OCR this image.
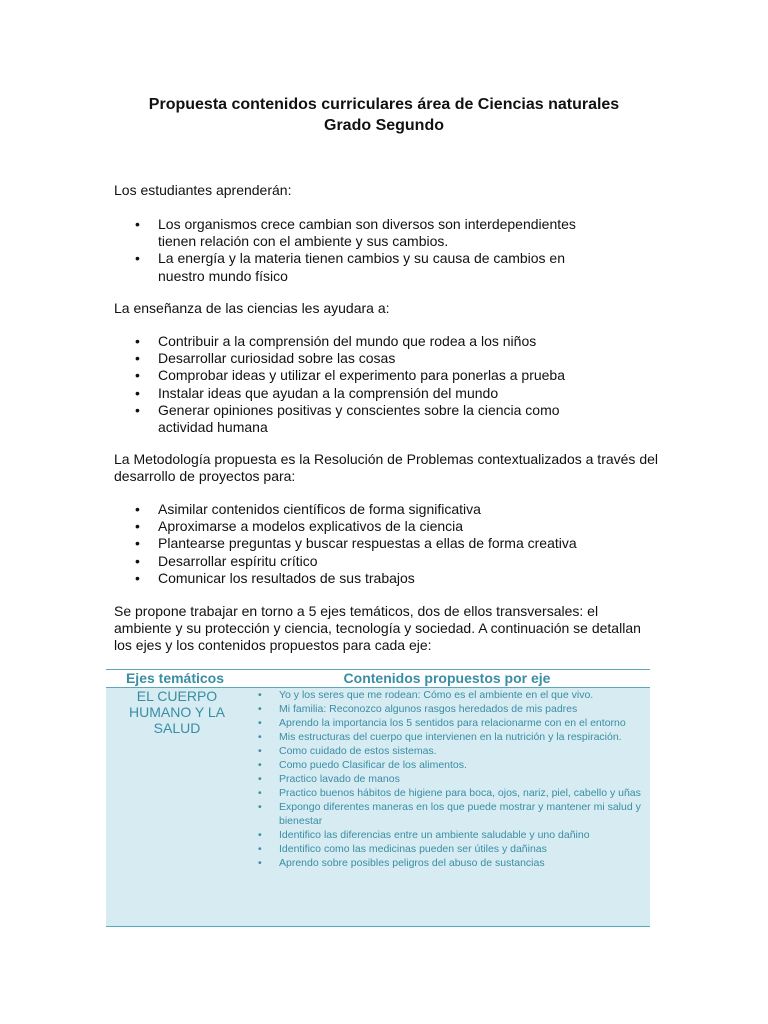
Propuesta contenidos curriculares área de Ciencias naturales
Grado Segundo

Los estudiantes aprenderán:

• Los organismos crece cambian son diversos son interdependientes tienen relación con el ambiente y sus cambios.
• La energía y la materia tienen cambios y su causa de cambios en nuestro mundo físico

La enseñanza de las ciencias les ayudara a:

• Contribuir a la comprensión del mundo que rodea a los niños
• Desarrollar curiosidad sobre las cosas
• Comprobar ideas y utilizar el experimento para ponerlas a prueba
• Instalar ideas que ayudan a la comprensión del mundo
• Generar opiniones positivas y conscientes sobre la ciencia como actividad humana

La Metodología propuesta es la Resolución de Problemas contextualizados a través del desarrollo de proyectos para:

• Asimilar contenidos científicos de forma significativa
• Aproximarse a modelos explicativos de la ciencia
• Plantearse preguntas y buscar respuestas a ellas de forma creativa
• Desarrollar espíritu crítico
• Comunicar los resultados de sus trabajos

Se propone trabajar en torno a 5 ejes temáticos, dos de ellos transversales: el ambiente y su protección y ciencia, tecnología y sociedad. A continuación se detallan los ejes y los contenidos propuestos para cada eje:

Ejes temáticos	Contenidos propuestos por eje
EL CUERPO HUMANO Y LA SALUD
• Yo y los seres que me rodean: Cómo es el ambiente en el que vivo.
• Mi familia: Reconozco algunos rasgos heredados de mis padres
• Aprendo la importancia los 5 sentidos para relacionarme con en el entorno
• Mis estructuras del cuerpo que intervienen en la nutrición y la respiración.
• Como cuidado de estos sistemas.
• Como puedo Clasificar de los alimentos.
• Practico lavado de manos
• Practico buenos hábitos de higiene para boca, ojos, nariz, piel, cabello y uñas
• Expongo diferentes maneras en los que puede mostrar y mantener mi salud y bienestar
• Identifico las diferencias entre un ambiente saludable y uno dañino
• Identifico como las medicinas pueden ser útiles y dañinas
• Aprendo sobre posibles peligros del abuso de sustancias
